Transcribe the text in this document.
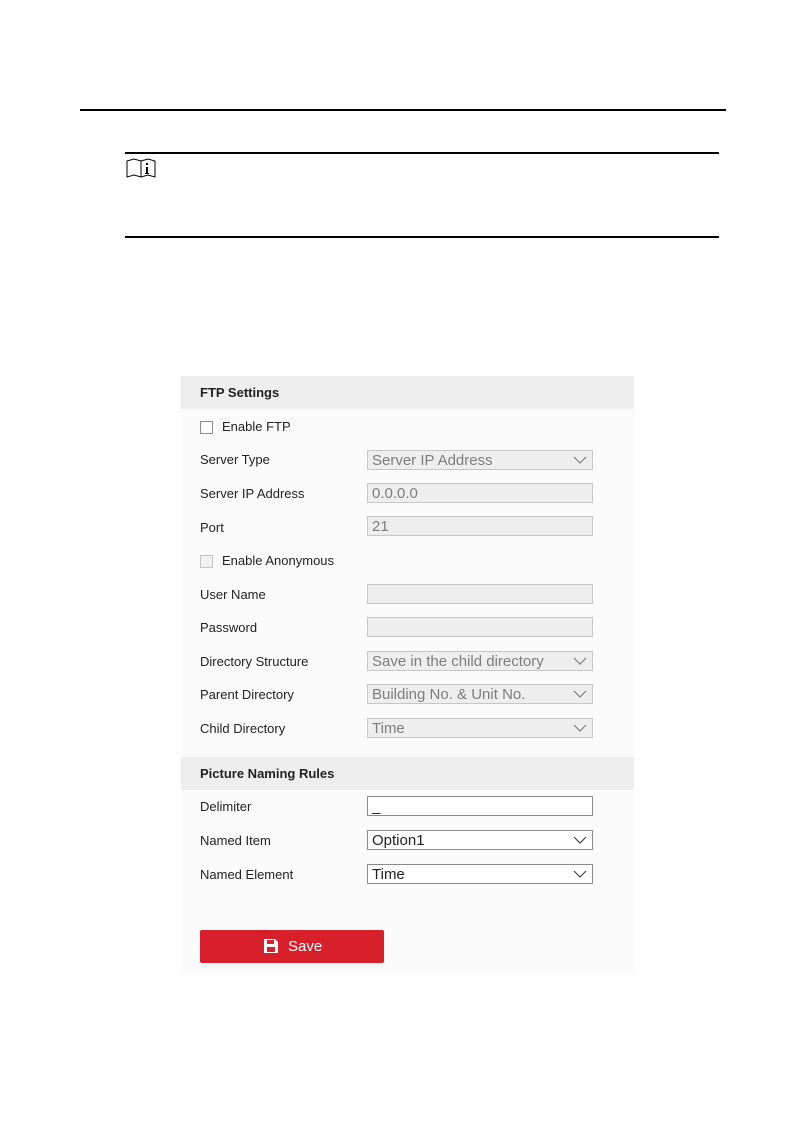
FTP Settings
Enable FTP
Server Type	Server IP Address
Server IP Address	0.0.0.0
Port	21
Enable Anonymous
User Name
Password
Directory Structure	Save in the child directory
Parent Directory	Building No. & Unit No.
Child Directory	Time
Picture Naming Rules
Delimiter	_
Named Item	Option1
Named Element	Time
Save
